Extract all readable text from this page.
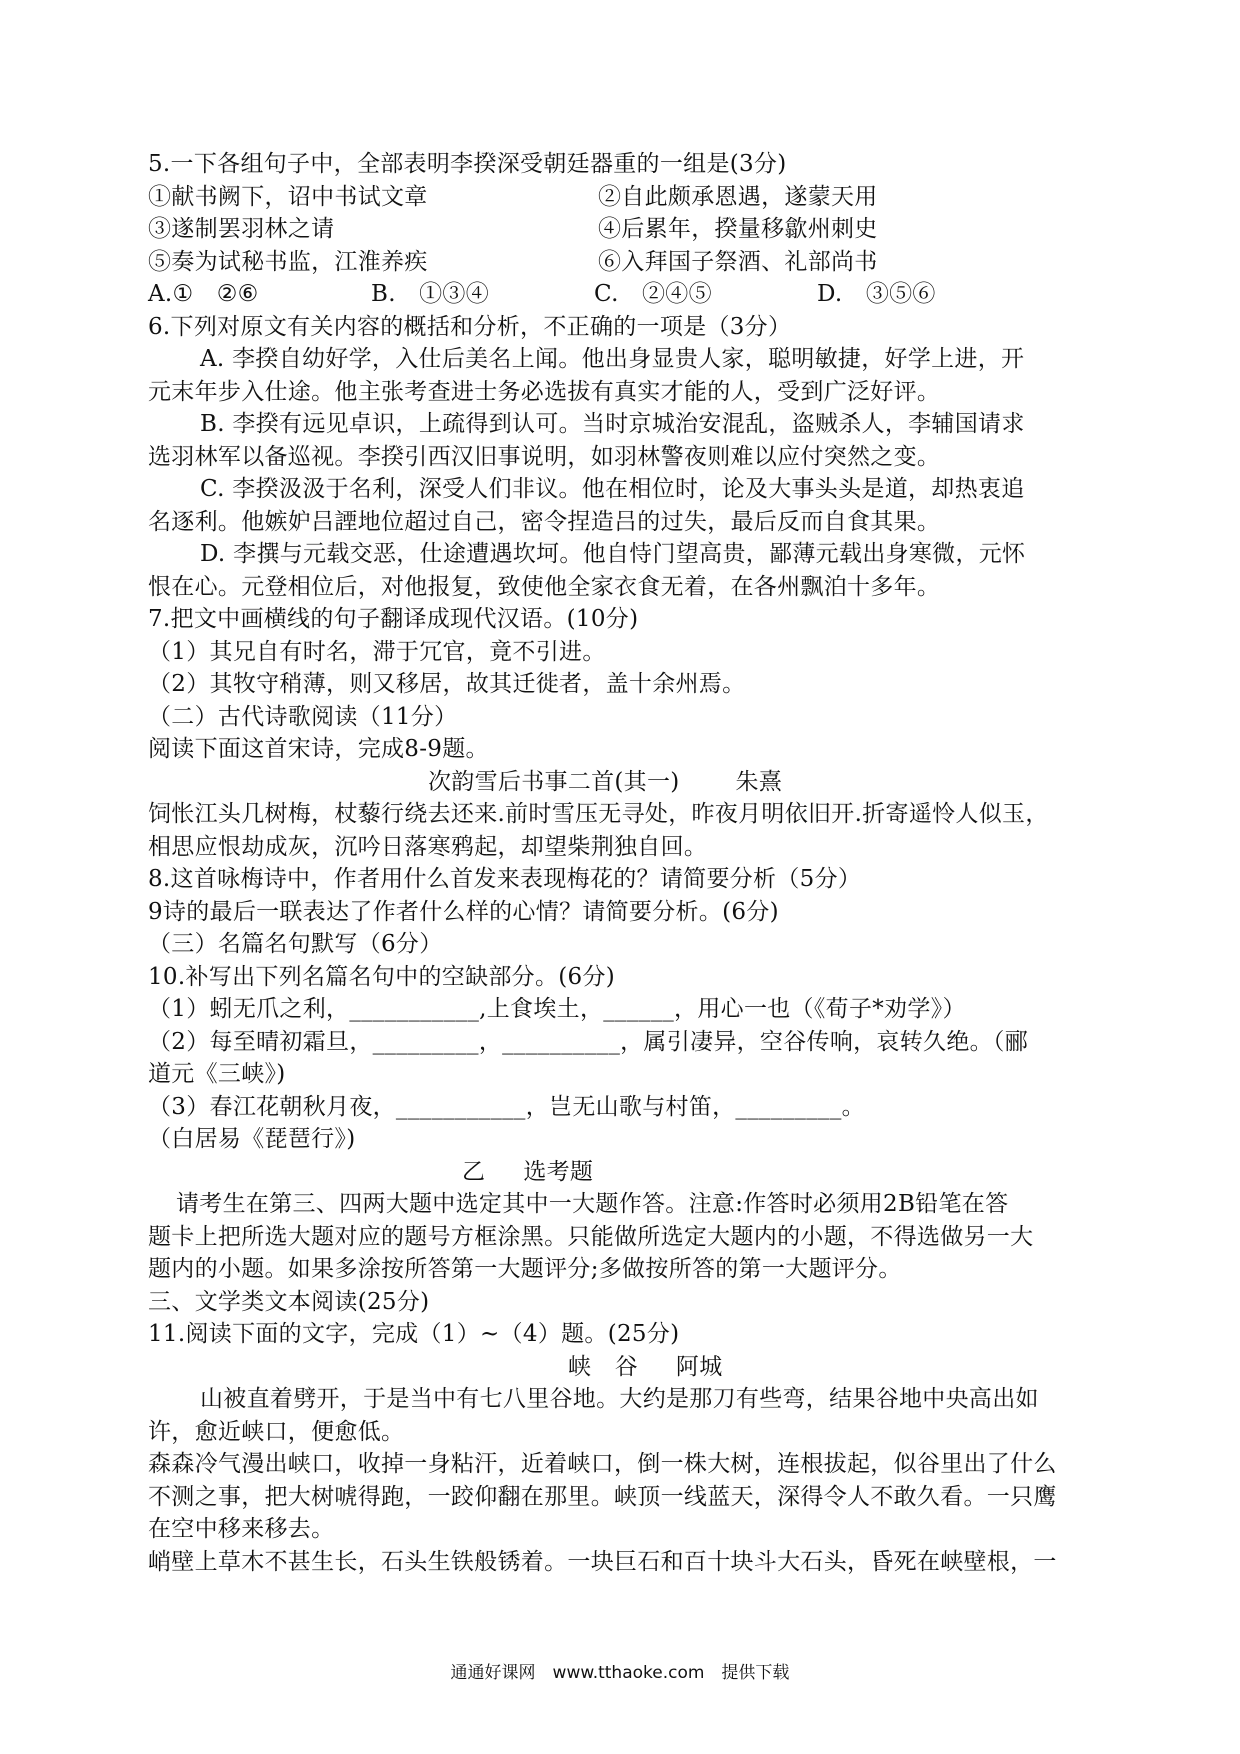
5.一下各组句子中，全部表明李揆深受朝廷器重的一组是(3分)
①献书阙下，诏中书试文章	②自此颇承恩遇，遂蒙天用
③遂制罢羽林之请	④后累年，揆量移歙州刺史
⑤奏为试秘书监，江淮养疾	⑥入拜国子祭酒、礼部尚书
A.①　②⑥	B.　①③④	C.　②④⑤	D.　③⑤⑥
6.下列对原文有关内容的概括和分析，不正确的一项是（3分）
A. 李揆自幼好学，入仕后美名上闻。他出身显贵人家，聪明敏捷，好学上进，开
元末年步入仕途。他主张考查进士务必选拔有真实才能的人，受到广泛好评。
B. 李揆有远见卓识，上疏得到认可。当时京城治安混乱，盗贼杀人，李辅国请求
选羽林军以备巡视。李揆引西汉旧事说明，如羽林警夜则难以应付突然之变。
C. 李揆汲汲于名利，深受人们非议。他在相位时，论及大事头头是道，却热衷追
名逐利。他嫉妒吕諲地位超过自己，密令捏造吕的过失，最后反而自食其果。
D. 李撰与元载交恶，仕途遭遇坎坷。他自恃门望高贵，鄙薄元载出身寒微，元怀
恨在心。元登相位后，对他报复，致使他全家衣食无着，在各州飘泊十多年。
7.把文中画横线的句子翻译成现代汉语。(10分)
（1）其兄自有时名，滞于冗官，竟不引进。
（2）其牧守稍薄，则又移居，故其迁徙者，盖十余州焉。
（二）古代诗歌阅读（11分）
阅读下面这首宋诗，完成8-9题。
次韵雪后书事二首(其一) 朱熹
饲怅江头几树梅，杖藜行绕去还来.前时雪压无寻处，昨夜月明依旧开.折寄遥怜人似玉，
相思应恨劫成灰，沉吟日落寒鸦起，却望柴荆独自回。
8.这首咏梅诗中，作者用什么首发来表现梅花的？请简要分析（5分）
9诗的最后一联表达了作者什么样的心情？请简要分析。(6分)
（三）名篇名句默写（6分）
10.补写出下列名篇名句中的空缺部分。(6分)
（1）蚓无爪之利，___________,上食埃土，______，用心一也（《荀子*劝学》）
（2）每至晴初霜旦，_________，__________，属引凄异，空谷传响，哀转久绝。（郦
道元《三峡》)
（3）春江花朝秋月夜，___________，岂无山歌与村笛，_________。
（白居易《琵琶行》)
乙 选考题
请考生在第三、四两大题中选定其中一大题作答。注意:作答时必须用2B铅笔在答
题卡上把所选大题对应的题号方框涂黑。只能做所选定大题内的小题，不得选做另一大
题内的小题。如果多涂按所答第一大题评分;多做按所答的第一大题评分。
三、文学类文本阅读(25分)
11.阅读下面的文字，完成（1）~（4）题。(25分)
峡　谷 阿城
山被直着劈开，于是当中有七八里谷地。大约是那刀有些弯，结果谷地中央高出如
许，愈近峡口，便愈低。
森森冷气漫出峡口，收掉一身粘汗，近着峡口，倒一株大树，连根拔起，似谷里出了什么
不测之事，把大树唬得跑，一跤仰翻在那里。峡顶一线蓝天，深得令人不敢久看。一只鹰
在空中移来移去。
峭壁上草木不甚生长，石头生铁般锈着。一块巨石和百十块斗大石头，昏死在峡壁根，一
通通好课网　www.tthaoke.com　提供下载
